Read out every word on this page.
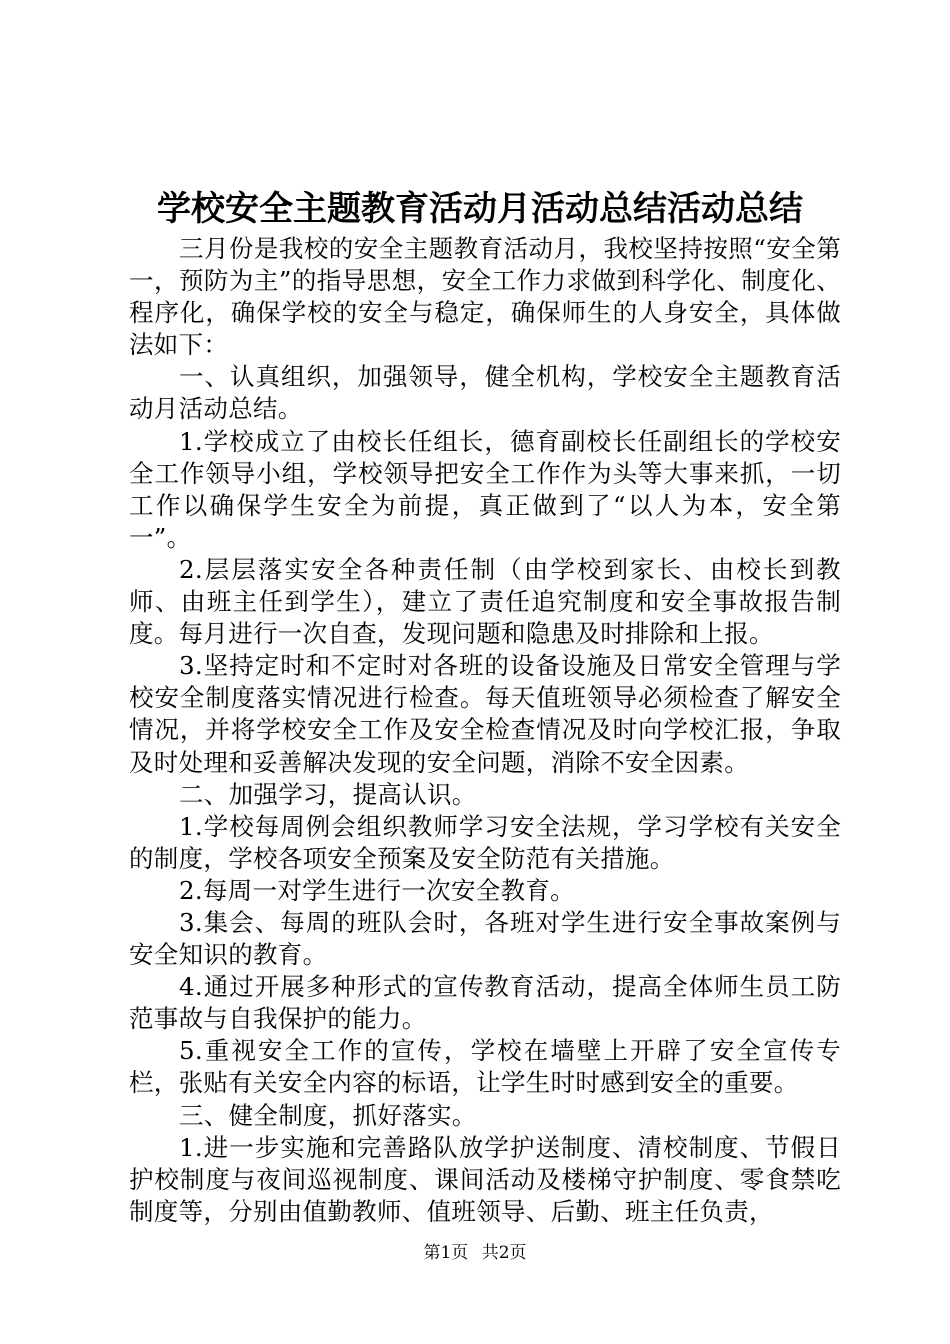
学校安全主题教育活动月活动总结活动总结

三月份是我校的安全主题教育活动月，我校坚持按照“安全第一，预防为主”的指导思想，安全工作力求做到科学化、制度化、程序化，确保学校的安全与稳定，确保师生的人身安全，具体做法如下：

一、认真组织，加强领导，健全机构，学校安全主题教育活动月活动总结。

1.学校成立了由校长任组长，德育副校长任副组长的学校安全工作领导小组，学校领导把安全工作作为头等大事来抓，一切工作以确保学生安全为前提，真正做到了“以人为本，安全第一”。

2.层层落实安全各种责任制（由学校到家长、由校长到教师、由班主任到学生），建立了责任追究制度和安全事故报告制度。每月进行一次自查，发现问题和隐患及时排除和上报。

3.坚持定时和不定时对各班的设备设施及日常安全管理与学校安全制度落实情况进行检查。每天值班领导必须检查了解安全情况，并将学校安全工作及安全检查情况及时向学校汇报，争取及时处理和妥善解决发现的安全问题，消除不安全因素。

二、加强学习，提高认识。

1.学校每周例会组织教师学习安全法规，学习学校有关安全的制度，学校各项安全预案及安全防范有关措施。

2.每周一对学生进行一次安全教育。

3.集会、每周的班队会时，各班对学生进行安全事故案例与安全知识的教育。

4.通过开展多种形式的宣传教育活动，提高全体师生员工防范事故与自我保护的能力。

5.重视安全工作的宣传，学校在墙壁上开辟了安全宣传专栏，张贴有关安全内容的标语，让学生时时感到安全的重要。

三、健全制度，抓好落实。

1.进一步实施和完善路队放学护送制度、清校制度、节假日护校制度与夜间巡视制度、课间活动及楼梯守护制度、零食禁吃制度等，分别由值勤教师、值班领导、后勤、班主任负责，

第1页 共2页
